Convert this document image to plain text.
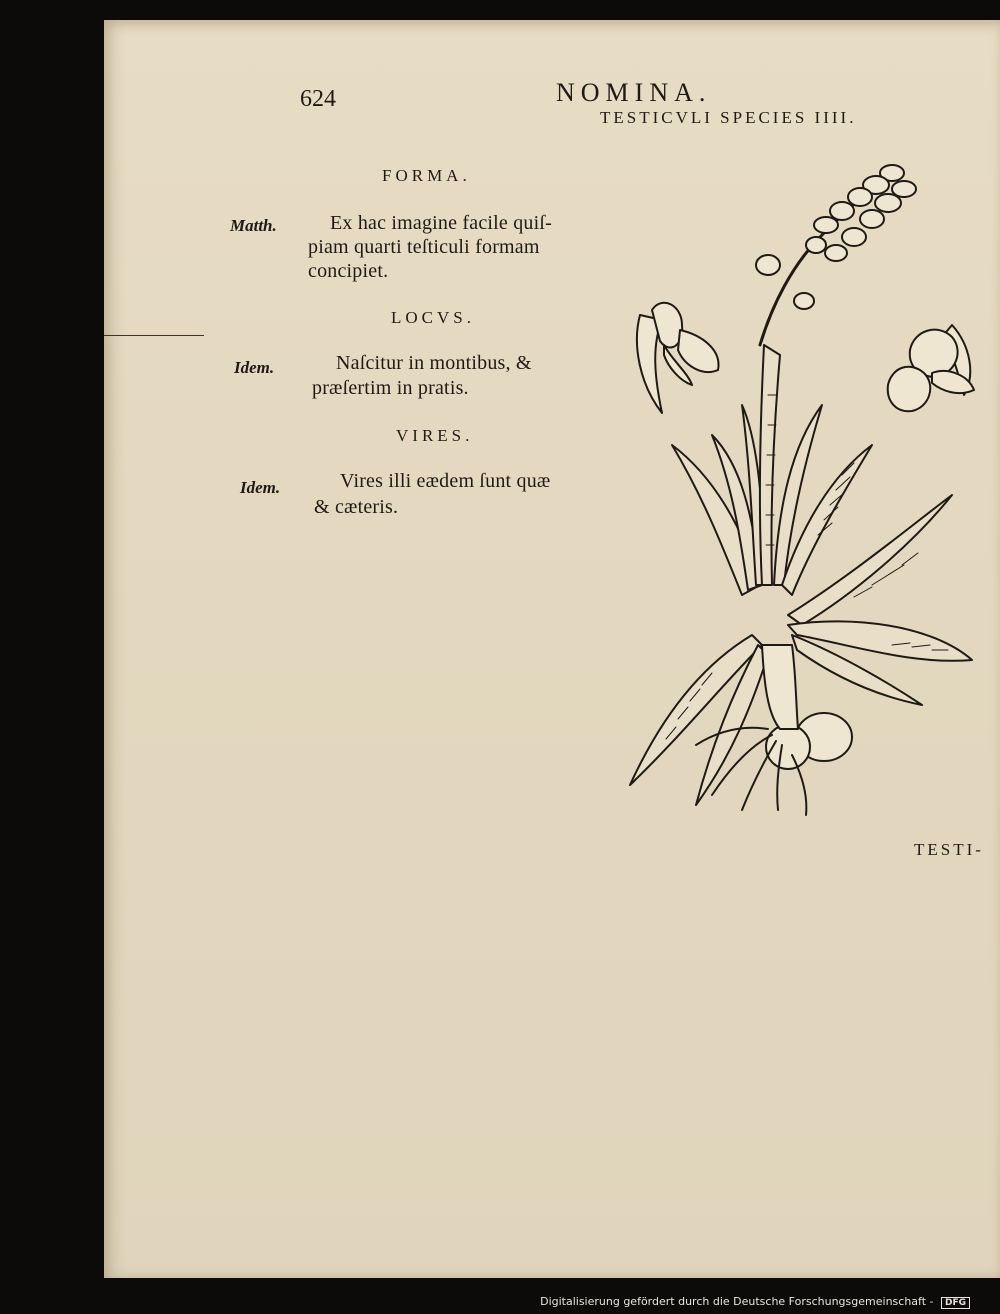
624	NOMINA.
TESTICVLI SPECIES IIII.
FORMA.
Matth.	Ex hac imagine facile quiſ-
piam quarti teſticuli formam
concipiet.
LOCVS.
Idem.	Naſcitur in montibus, &
præſertim in pratis.
VIRES.
Idem.	Vires illi eædem ſunt quæ
& cæteris.
TESTI-
Digitalisierung gefördert durch die Deutsche Forschungsgemeinschaft - DFG
